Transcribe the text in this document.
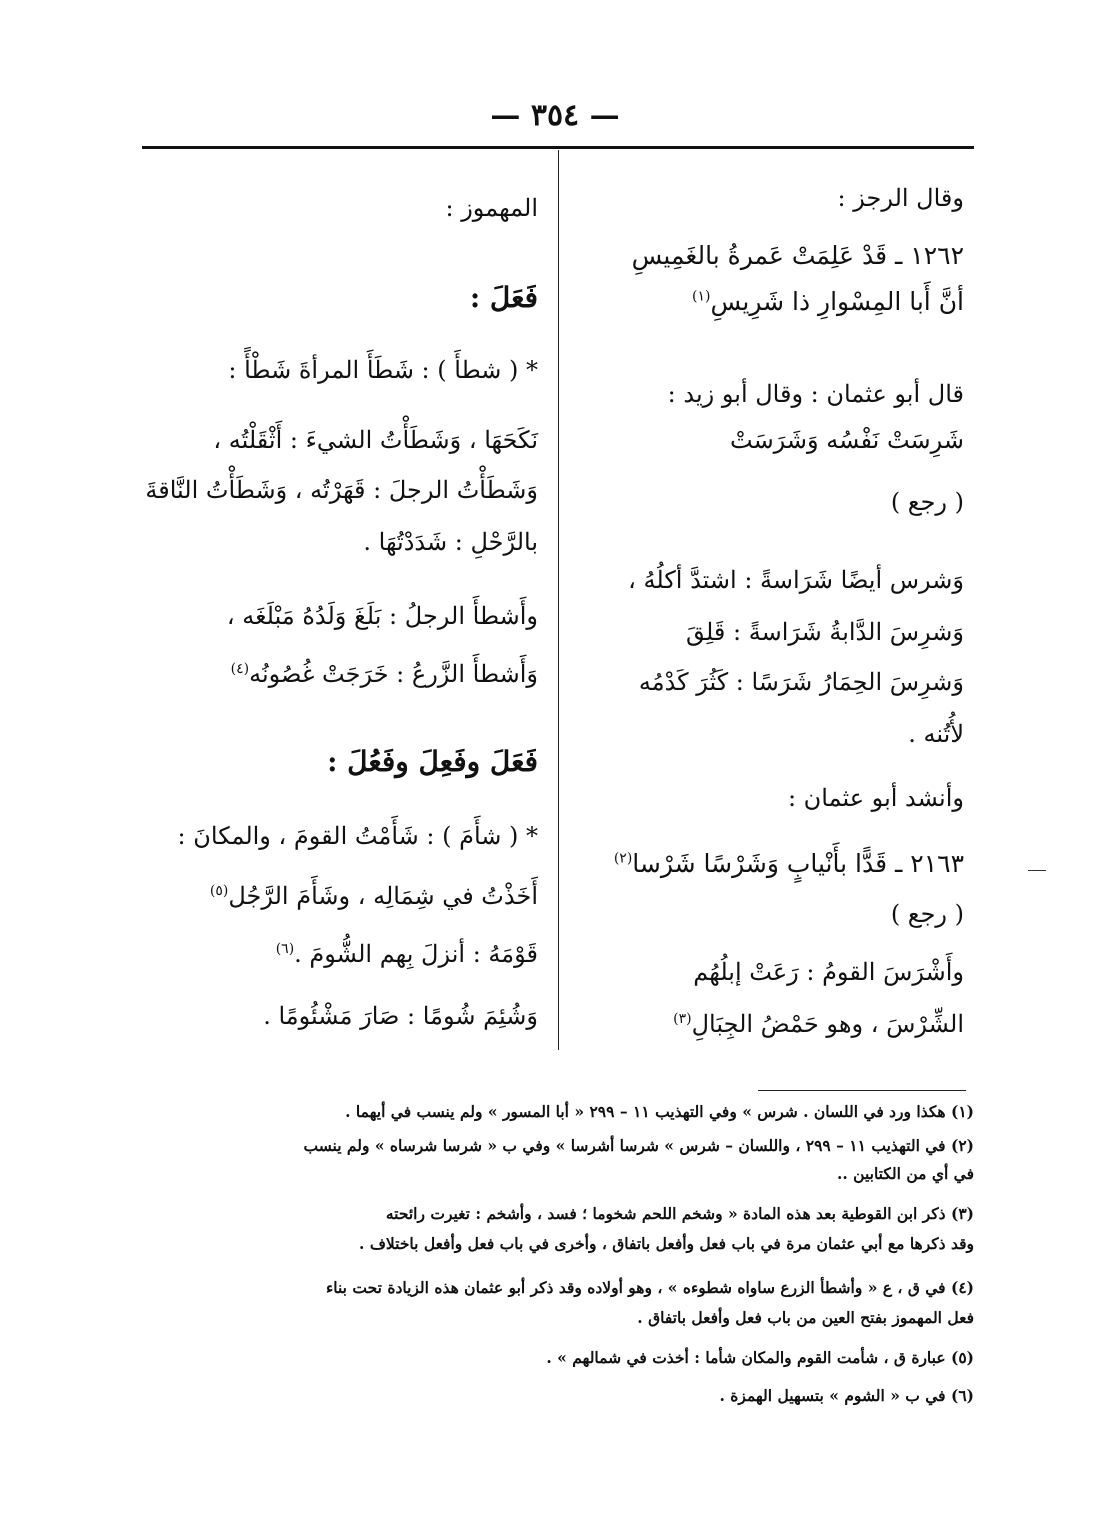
— ٣٥٤ —
وقال الرجز :
١٢٦٢ ـ قَدْ عَلِمَتْ عَمرةُ بالغَمِيسِ
أنَّ أَبا المِسْوارِ ذا شَرِيسِ$^{(١)}$
قال أبو عثمان : وقال أبو زيد :
شَرِسَتْ نَفْسُه وَشَرَسَتْ
( رجع )
وَشرس أيضًا شَرَاسةً : اشتدَّ أكلُهُ ،
وَشرِسَ الدَّابةُ شَرَاسةً : قَلِقَ
وَشرِسَ الحِمَارُ شَرَسًا : كَثُرَ كَدْمُه
لأُتُنه .
وأنشد أبو عثمان :
٢١٦٣ ـ قَدًّا بأَنْيابٍ وَشَرْسًا شَرْسا$^{(٢)}$
( رجع )
وأَشْرَسَ القومُ : رَعَتْ إبلُهُم
الشِّرْسَ ، وهو حَمْضُ الجِبَالِ$^{(٣)}$
المهموز :
فَعَلَ :
* ( شطأَ ) : شَطَأَ المرأةَ شَطْأً :
نَكَحَهَا ، وَشَطَأْتُ الشيءَ : أَثْقَلْتُه ،
وَشَطَأْتُ الرجلَ : قَهَرْتُه ، وَشَطَأْتُ النَّاقةَ
بالرَّحْلِ : شَدَدْتُهَا .
وأَشطأَ الرجلُ : بَلَغَ وَلَدُهُ مَبْلَغَه ،
وَأَشطأَ الزَّرعُ : خَرَجَتْ غُصُونُه$^{(٤)}$
فَعَلَ وفَعِلَ وفَعُلَ :
* ( شأَمَ ) : شَأَمْتُ القومَ ، والمكانَ :
أَخَذْتُ في شِمَالِه ، وشَأَمَ الرَّجُل$^{(٥)}$
قَوْمَهُ : أنزلَ بِهم الشُّومَ .$^{(٦)}$
وَشُئِمَ شُومًا : صَارَ مَشْئُومًا .
(١) هكذا ورد في اللسان . شرس » وفي التهذيب ١١ – ٢٩٩ « أبا المسور » ولم ينسب في أيهما .
(٢) في التهذيب ١١ – ٢٩٩ ، واللسان – شرس » شرسا أشرسا » وفي ب « شرسا شرساه » ولم ينسب
في أي من الكتابين ..
(٣) ذكر ابن القوطية بعد هذه المادة « وشخم اللحم شخوما ؛ فسد ، وأشخم : تغيرت رائحته
وقد ذكرها مع أبي عثمان مرة في باب فعل وأفعل باتفاق ، وأخرى في باب فعل وأفعل باختلاف .
(٤) في ق ، ع « وأشطأ الزرع ساواه شطوءه » ، وهو أولاده وقد ذكر أبو عثمان هذه الزيادة تحت بناء
فعل المهموز بفتح العين من باب فعل وأفعل باتفاق .
(٥) عبارة ق ، شأمت القوم والمكان شأما : أخذت في شمالهم » .
(٦) في ب « الشوم » بتسهيل الهمزة .
